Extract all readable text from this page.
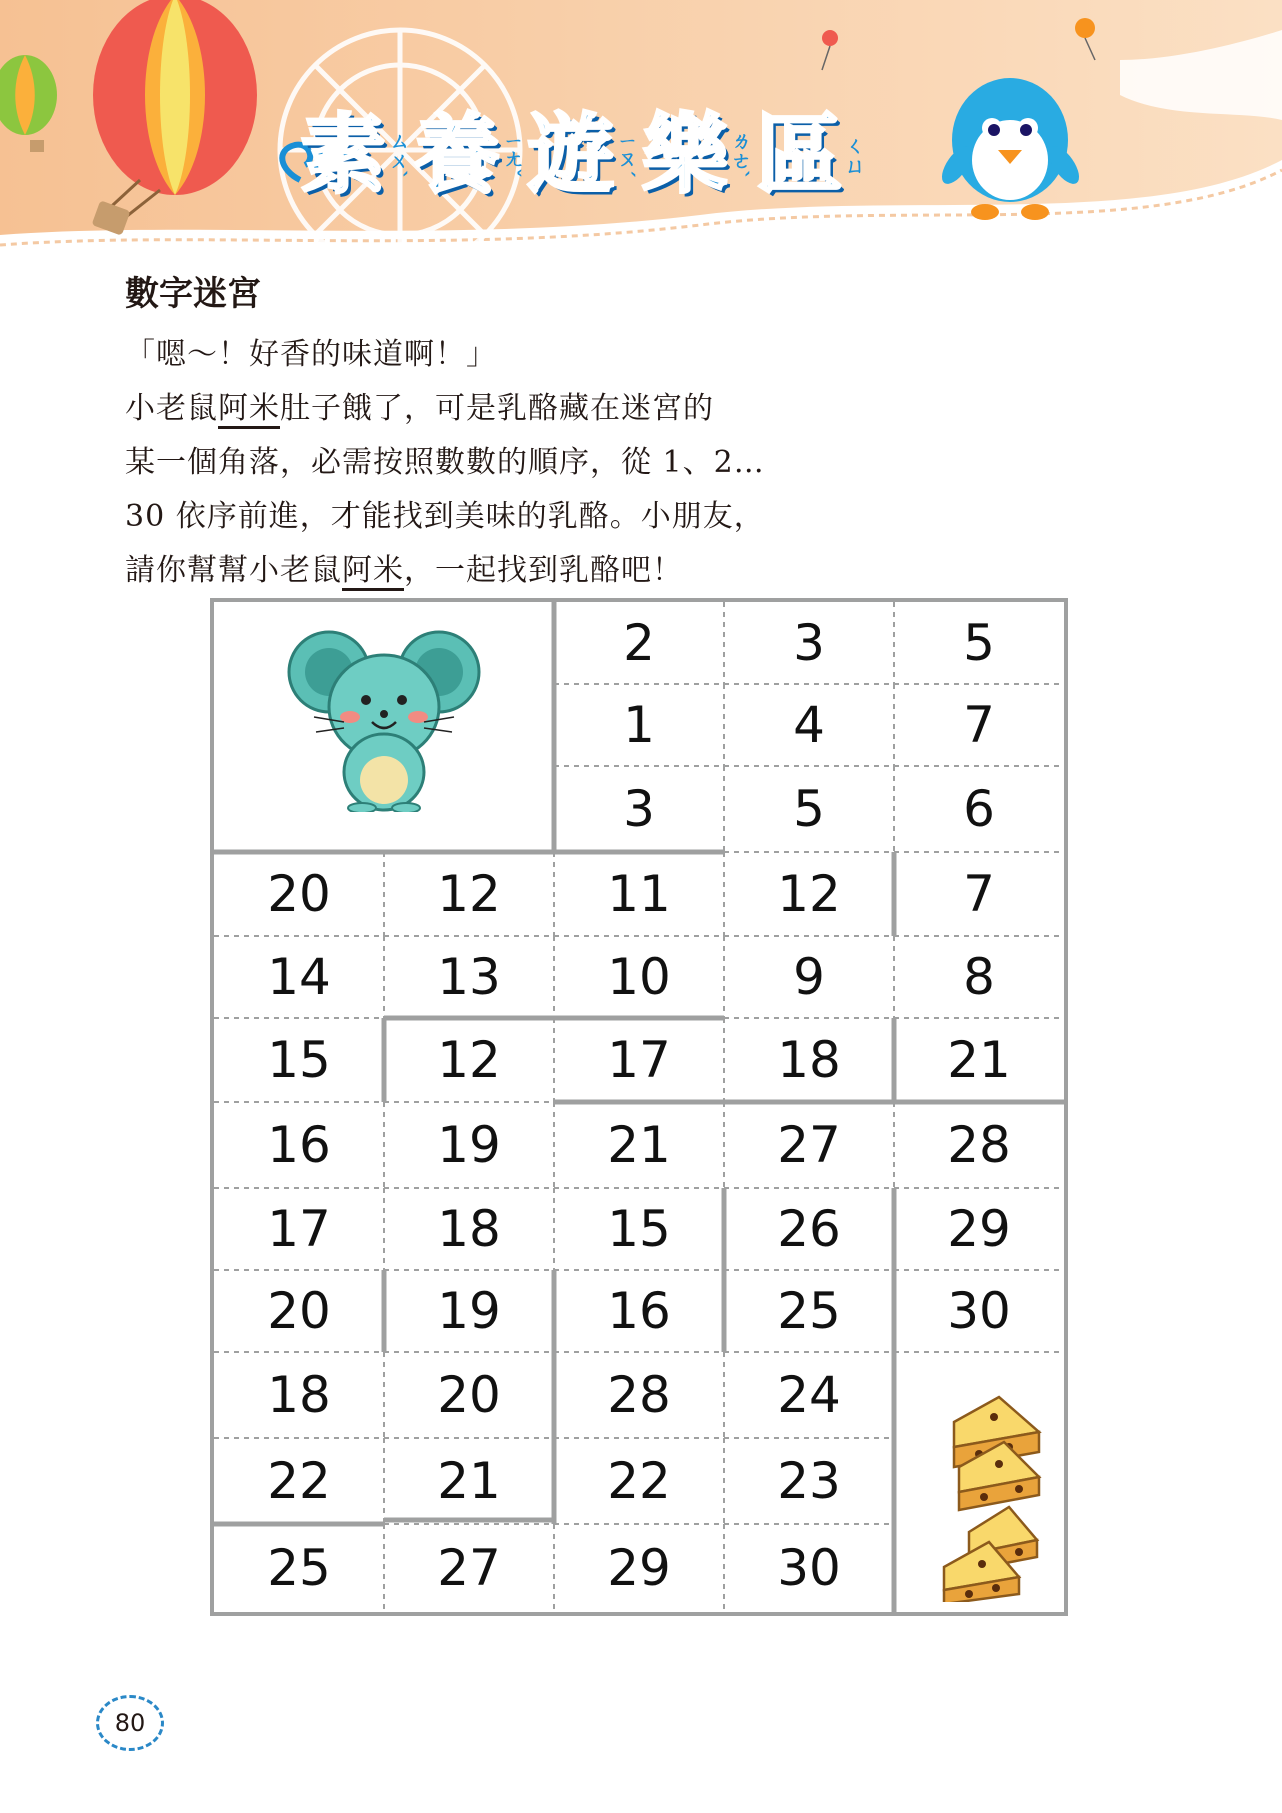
素 ㄙㄨˋ 養 ㄧㄤˇ 遊 ㄧㄡˊ 樂 ㄌㄜˋ 區 ㄑㄩ
數字迷宮

「嗯～！好香的味道啊！」

小老鼠阿米肚子餓了，可是乳酪藏在迷宮的

某一個角落，必需按照數數的順序，從 1、2…

30 依序前進，才能找到美味的乳酪。小朋友，

請你幫幫小老鼠阿米，一起找到乳酪吧！

2	3	5
1	4	7
3	5	6
20	12	11	12	7
14	13	10	9	8
15	12	17	18	21
16	19	21	27	28
17	18	15	26	29
20	19	16	25	30
18	20	28	24
22	21	22	23
25	27	29	30
80
